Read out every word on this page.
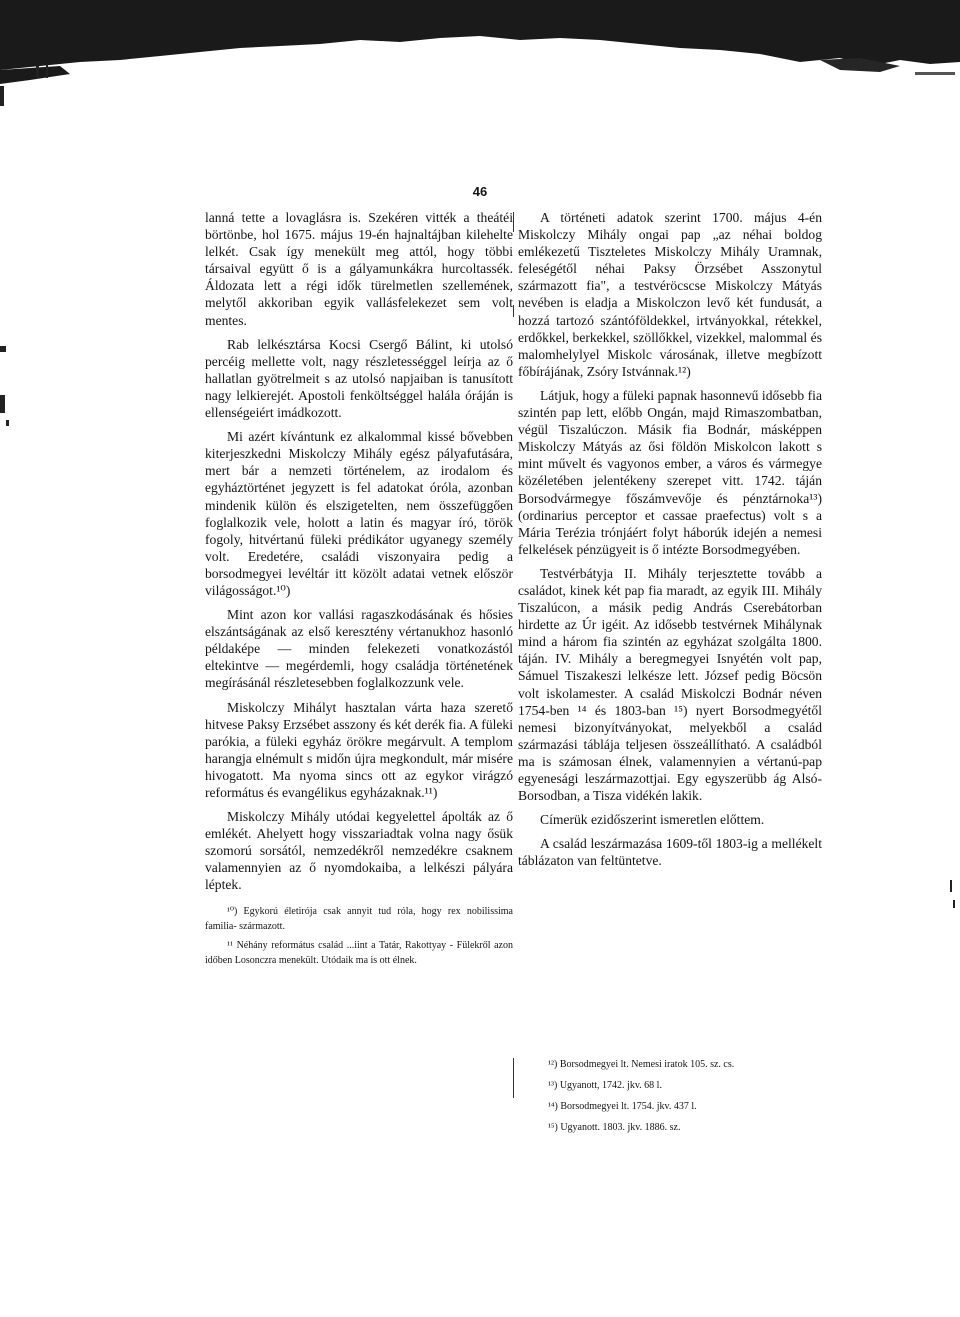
46

lanná tette a lovaglásra is. Szekéren vitték a theátéi börtönbe, hol 1675. május 19-én hajnaltájban kilehelte lelkét. Csak így menekült meg attól, hogy többi társaival együtt ő is a gályamunkákra hurcoltassék. Áldozata lett a régi idők türelmetlen szellemének, melytől akkoriban egyik vallásfelekezet sem volt mentes.

Rab lelkésztársa Kocsi Csergő Bálint, ki utolsó percéig mellette volt, nagy részletességgel leírja az ő hallatlan gyötrelmeit s az utolsó napjaiban is tanusított nagy lelkierejét. Apostoli fenköltséggel halála óráján is ellenségeiért imádkozott.

Mi azért kívántunk ez alkalommal kissé bővebben kiterjeszkedni Miskolczy Mihály egész pályafutására, mert bár a nemzeti történelem, az irodalom és egyháztörténet jegyzett is fel adatokat óróla, azonban mindenik külön és elszigetelten, nem összefüggően foglalkozik vele, holott a latin és magyar író, török fogoly, hitvértanú füleki prédikátor ugyanegy személy volt. Eredetére, családi viszonyaira pedig a borsodmegyei levéltár itt közölt adatai vetnek először világosságot.¹⁰)

Mint azon kor vallási ragaszkodásának és hősies elszántságának az első keresztény vértanukhoz hasonló példaképe — minden felekezeti vonatkozástól eltekintve — megérdemli, hogy családja történetének megírásánál részletesebben foglalkozzunk vele.

Miskolczy Mihályt hasztalan várta haza szerető hitvese Paksy Erzsébet asszony és két derék fia. A füleki parókia, a füleki egyház örökre megárvult. A templom harangja elnémult s midőn újra megkondult, már misére hivogatott. Ma nyoma sincs ott az egykor virágzó református és evangélikus egyházaknak.¹¹)

Miskolczy Mihály utódai kegyelettel ápolták az ő emlékét. Ahelyett hogy visszariadtak volna nagy ősük szomorú sorsától, nemzedékről nemzedékre csaknem valamennyien az ő nyomdokaiba, a lelkészi pályára léptek.

¹⁰) Egykorú életirója csak annyit tud róla, hogy rex nobilissima familia- származott.

¹¹ Néhány református család ...iint a Tatár, Rakottyay - Fülekről azon időben Losonczra menekült. Utódaik ma is ott élnek.

A történeti adatok szerint 1700. május 4-én Miskolczy Mihály ongai pap „az néhai boldog emlékezetű Tiszteletes Miskolczy Mihály Uramnak, feleségétől néhai Paksy Örzsébet Asszonytul származott fia", a testvéröcscse Miskolczy Mátyás nevében is eladja a Miskolczon levő két fundusát, a hozzá tartozó szántóföldekkel, irtványokkal, rétekkel, erdőkkel, berkekkel, szöllőkkel, vizekkel, malommal és malomhelylyel Miskolc városának, illetve megbízott főbírájának, Zsóry Istvánnak.¹²)

Látjuk, hogy a füleki papnak hasonnevű idősebb fia szintén pap lett, előbb Ongán, majd Rimaszombatban, végül Tiszalúczon. Másik fia Bodnár, másképpen Miskolczy Mátyás az ősi földön Miskolcon lakott s mint művelt és vagyonos ember, a város és vármegye közéletében jelentékeny szerepet vitt. 1742. táján Borsodvármegye főszámvevője és pénztárnoka¹³) (ordinarius perceptor et cassae praefectus) volt s a Mária Terézia trónjáért folyt háborúk idején a nemesi felkelések pénzügyeit is ő intézte Borsodmegyében.

Testvérbátyja II. Mihály terjesztette tovább a családot, kinek két pap fia maradt, az egyik III. Mihály Tiszalúcon, a másik pedig András Cserebátorban hirdette az Úr igéit. Az idősebb testvérnek Mihálynak mind a három fia szintén az egyházat szolgálta 1800. táján. IV. Mihály a beregmegyei Isnyétén volt pap, Sámuel Tiszakeszi lelkésze lett. József pedig Böcsön volt iskolamester. A család Miskolczi Bodnár néven 1754-ben ¹⁴ és 1803-ban ¹⁵) nyert Borsodmegyétől nemesi bizonyítványokat, melyekből a család származási táblája teljesen összeállítható. A családból ma is számosan élnek, valamennyien a vértanú-pap egyenesági leszármazottjai. Egy egyszerübb ág Alsó-Borsodban, a Tisza vidékén lakik.

Címerük ezidőszerint ismeretlen előttem.

A család leszármazása 1609-től 1803-ig a mellékelt táblázaton van feltüntetve.

¹²) Borsodmegyei lt. Nemesi iratok 105. sz. cs.

¹³) Ugyanott, 1742. jkv. 68 l.

¹⁴) Borsodmegyei lt. 1754. jkv. 437 l.

¹⁵) Ugyanott. 1803. jkv. 1886. sz.
